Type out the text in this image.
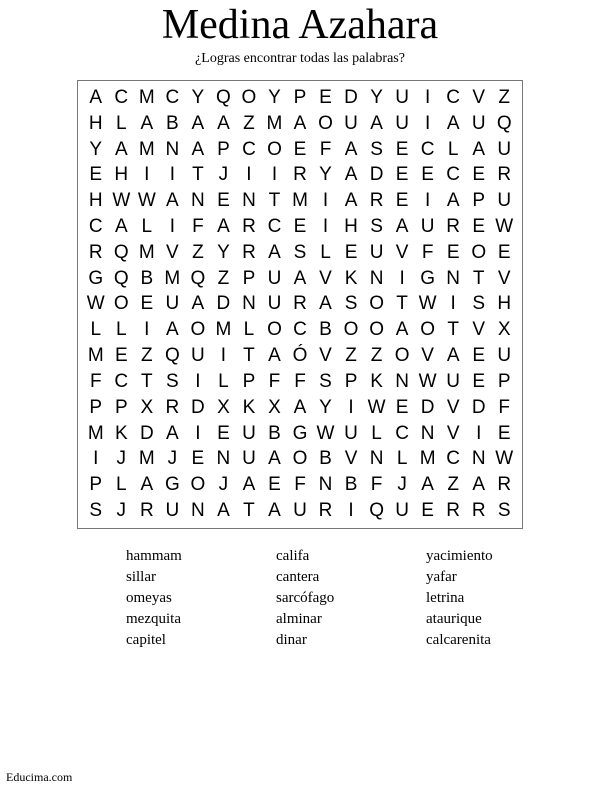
Medina Azahara
¿Logras encontrar todas las palabras?
A C M C Y Q O Y P E D Y U I C V Z
H L A B A A Z M A O U A U I A U Q
Y A M N A P C O E F A S E C L A U
E H I	I T J I	I R Y A D E E C E R
H W W A N E N T M I A R E I A P U
C A L I F A R C E I H S A U R E W
R Q M V Z Y R A S L E U V F E O E
G Q B M Q Z P U A V K N I G N T V
W O E U A D N U R A S O T W I S H
L L I A O M L O C B O O A O T V X
M E Z Q U I T A Ó V Z Z O V A E U
F C T S I L P F F S P K N W U E P
P P X R D X K X A Y I W E D V D F
M K D A I E U B G W U L C N V I E
I J M J E N U A O B V N L M C N W
P L A G O J A E F N B F J A Z A R
S J R U N A T A U R I Q U E R R S
hammam	califa	yacimiento
sillar	cantera	yafar
omeyas	sarcófago	letrina
mezquita	alminar	ataurique
capitel	dinar	calcarenita
Educima.com
